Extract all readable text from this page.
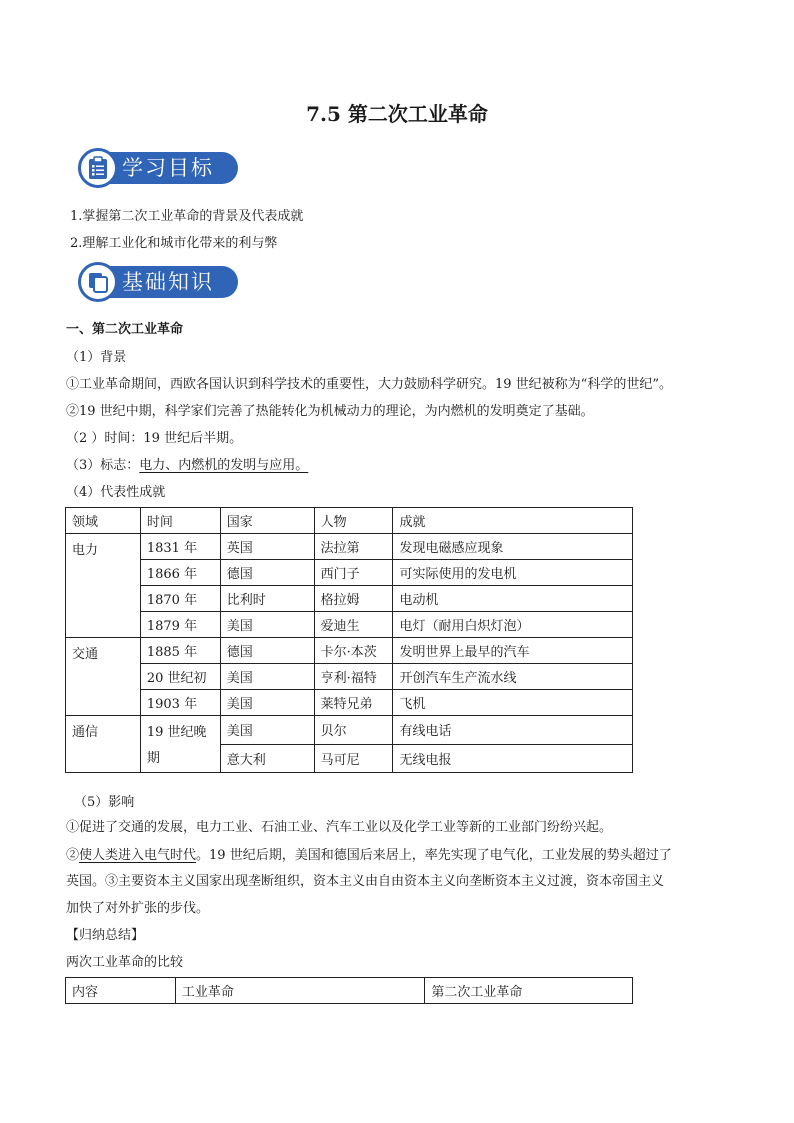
7.5 第二次工业革命
学习目标
1.掌握第二次工业革命的背景及代表成就
2.理解工业化和城市化带来的利与弊
基础知识
一、第二次工业革命
（1）背景
①工业革命期间，西欧各国认识到科学技术的重要性，大力鼓励科学研究。19 世纪被称为“科学的世纪”。
②19 世纪中期，科学家们完善了热能转化为机械动力的理论，为内燃机的发明奠定了基础。
（2 ）时间：19 世纪后半期。
（3）标志：电力、内燃机的发明与应用。
（4）代表性成就
领域	时间	国家	人物	成就
电力	1831 年	英国	法拉第	发现电磁感应现象
	1866 年	德国	西门子	可实际使用的发电机
	1870 年	比利时	格拉姆	电动机
	1879 年	美国	爱迪生	电灯（耐用白炽灯泡）
交通	1885 年	德国	卡尔·本茨	发明世界上最早的汽车
	20 世纪初	美国	亨利·福特	开创汽车生产流水线
	1903 年	美国	莱特兄弟	飞机
通信	19 世纪晚期	美国	贝尔	有线电话
		意大利	马可尼	无线电报
（5）影响
①促进了交通的发展，电力工业、石油工业、汽车工业以及化学工业等新的工业部门纷纷兴起。
②使人类进入电气时代。19 世纪后期，美国和德国后来居上，率先实现了电气化，工业发展的势头超过了
英国。③主要资本主义国家出现垄断组织，资本主义由自由资本主义向垄断资本主义过渡，资本帝国主义
加快了对外扩张的步伐。
【归纳总结】
两次工业革命的比较
内容	工业革命	第二次工业革命
